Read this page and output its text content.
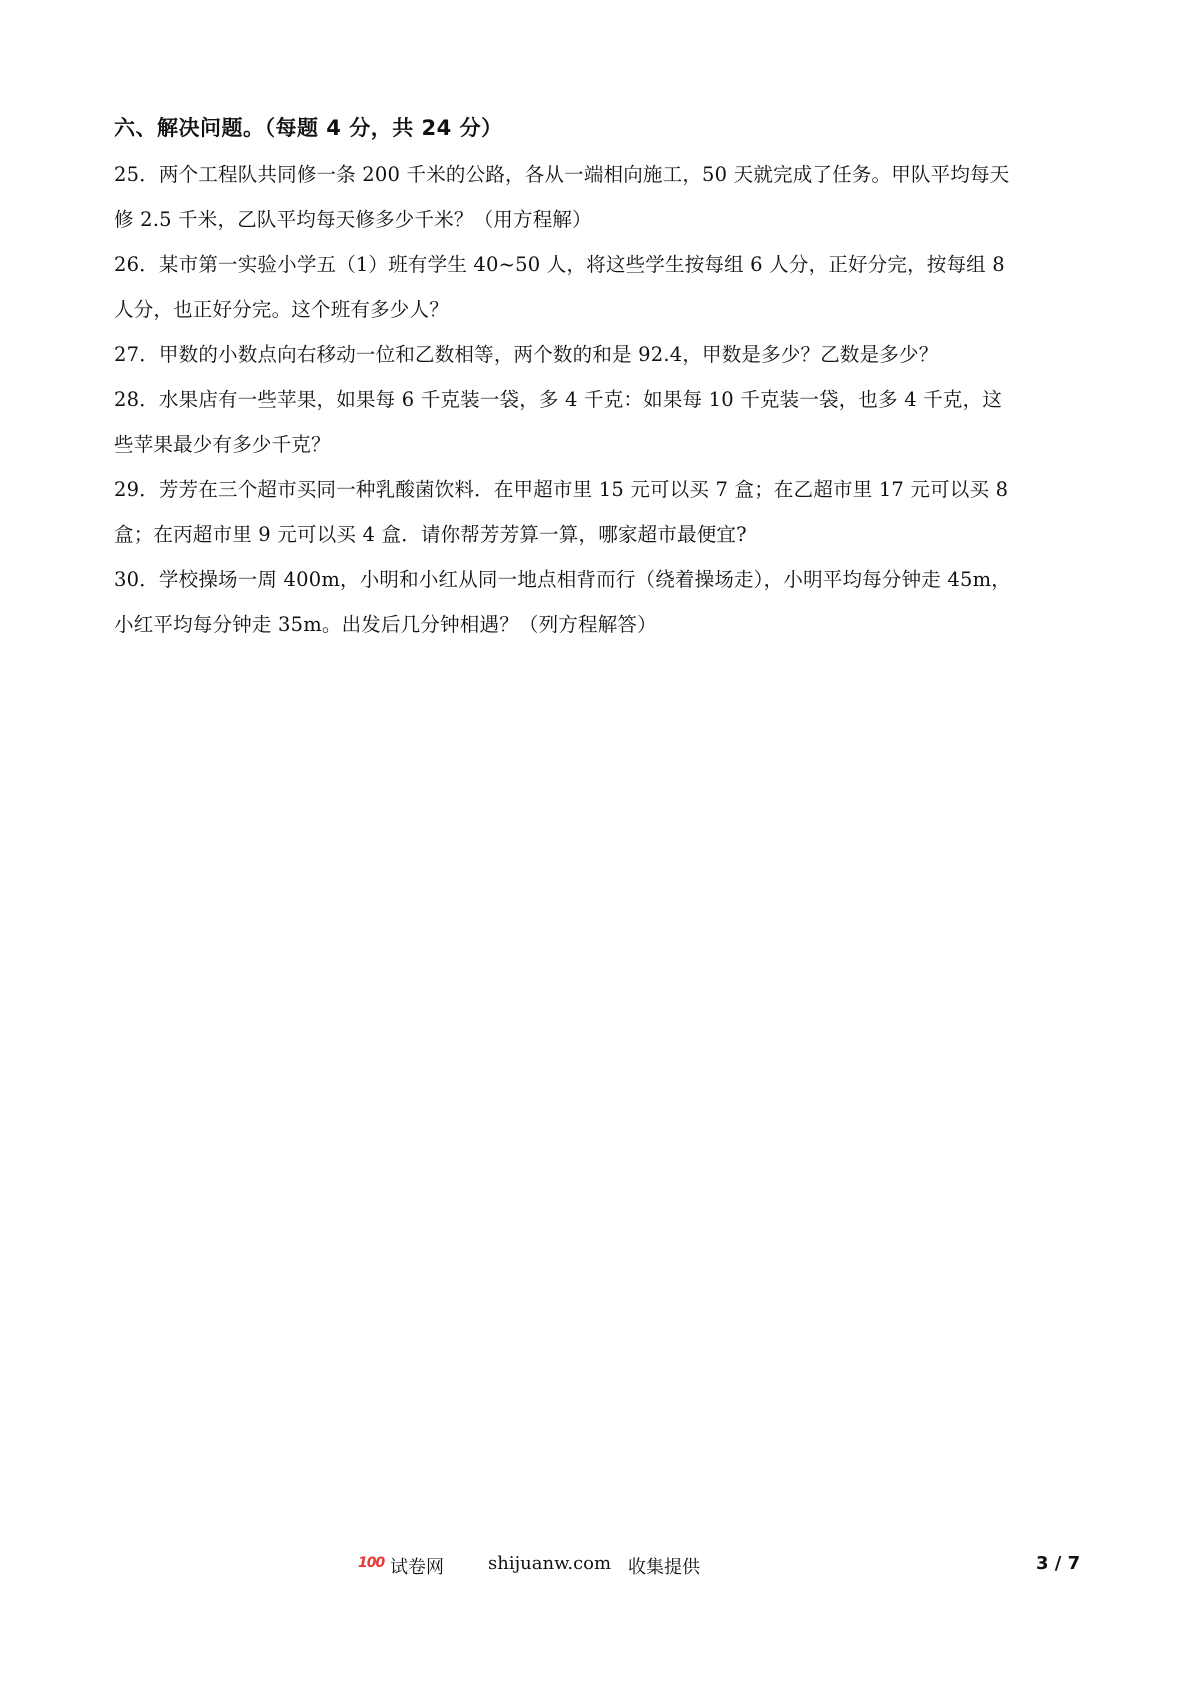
六、解决问题。（每题 4 分，共 24 分）
25．两个工程队共同修一条 200 千米的公路，各从一端相向施工，50 天就完成了任务。甲队平均每天
修 2.5 千米，乙队平均每天修多少千米？（用方程解）
26．某市第一实验小学五（1）班有学生 40~50 人，将这些学生按每组 6 人分，正好分完，按每组 8
人分，也正好分完。这个班有多少人？
27．甲数的小数点向右移动一位和乙数相等，两个数的和是 92.4，甲数是多少？乙数是多少？
28．水果店有一些苹果，如果每 6 千克装一袋，多 4 千克：如果每 10 千克装一袋，也多 4 千克，这
些苹果最少有多少千克？
29．芳芳在三个超市买同一种乳酸菌饮料．在甲超市里 15 元可以买 7 盒；在乙超市里 17 元可以买 8
盒；在丙超市里 9 元可以买 4 盒．请你帮芳芳算一算，哪家超市最便宜?
30．学校操场一周 400m，小明和小红从同一地点相背而行（绕着操场走），小明平均每分钟走 45m，
小红平均每分钟走 35m。出发后几分钟相遇？（列方程解答）
100 试卷网 shijuanw.com 收集提供	3 / 7
